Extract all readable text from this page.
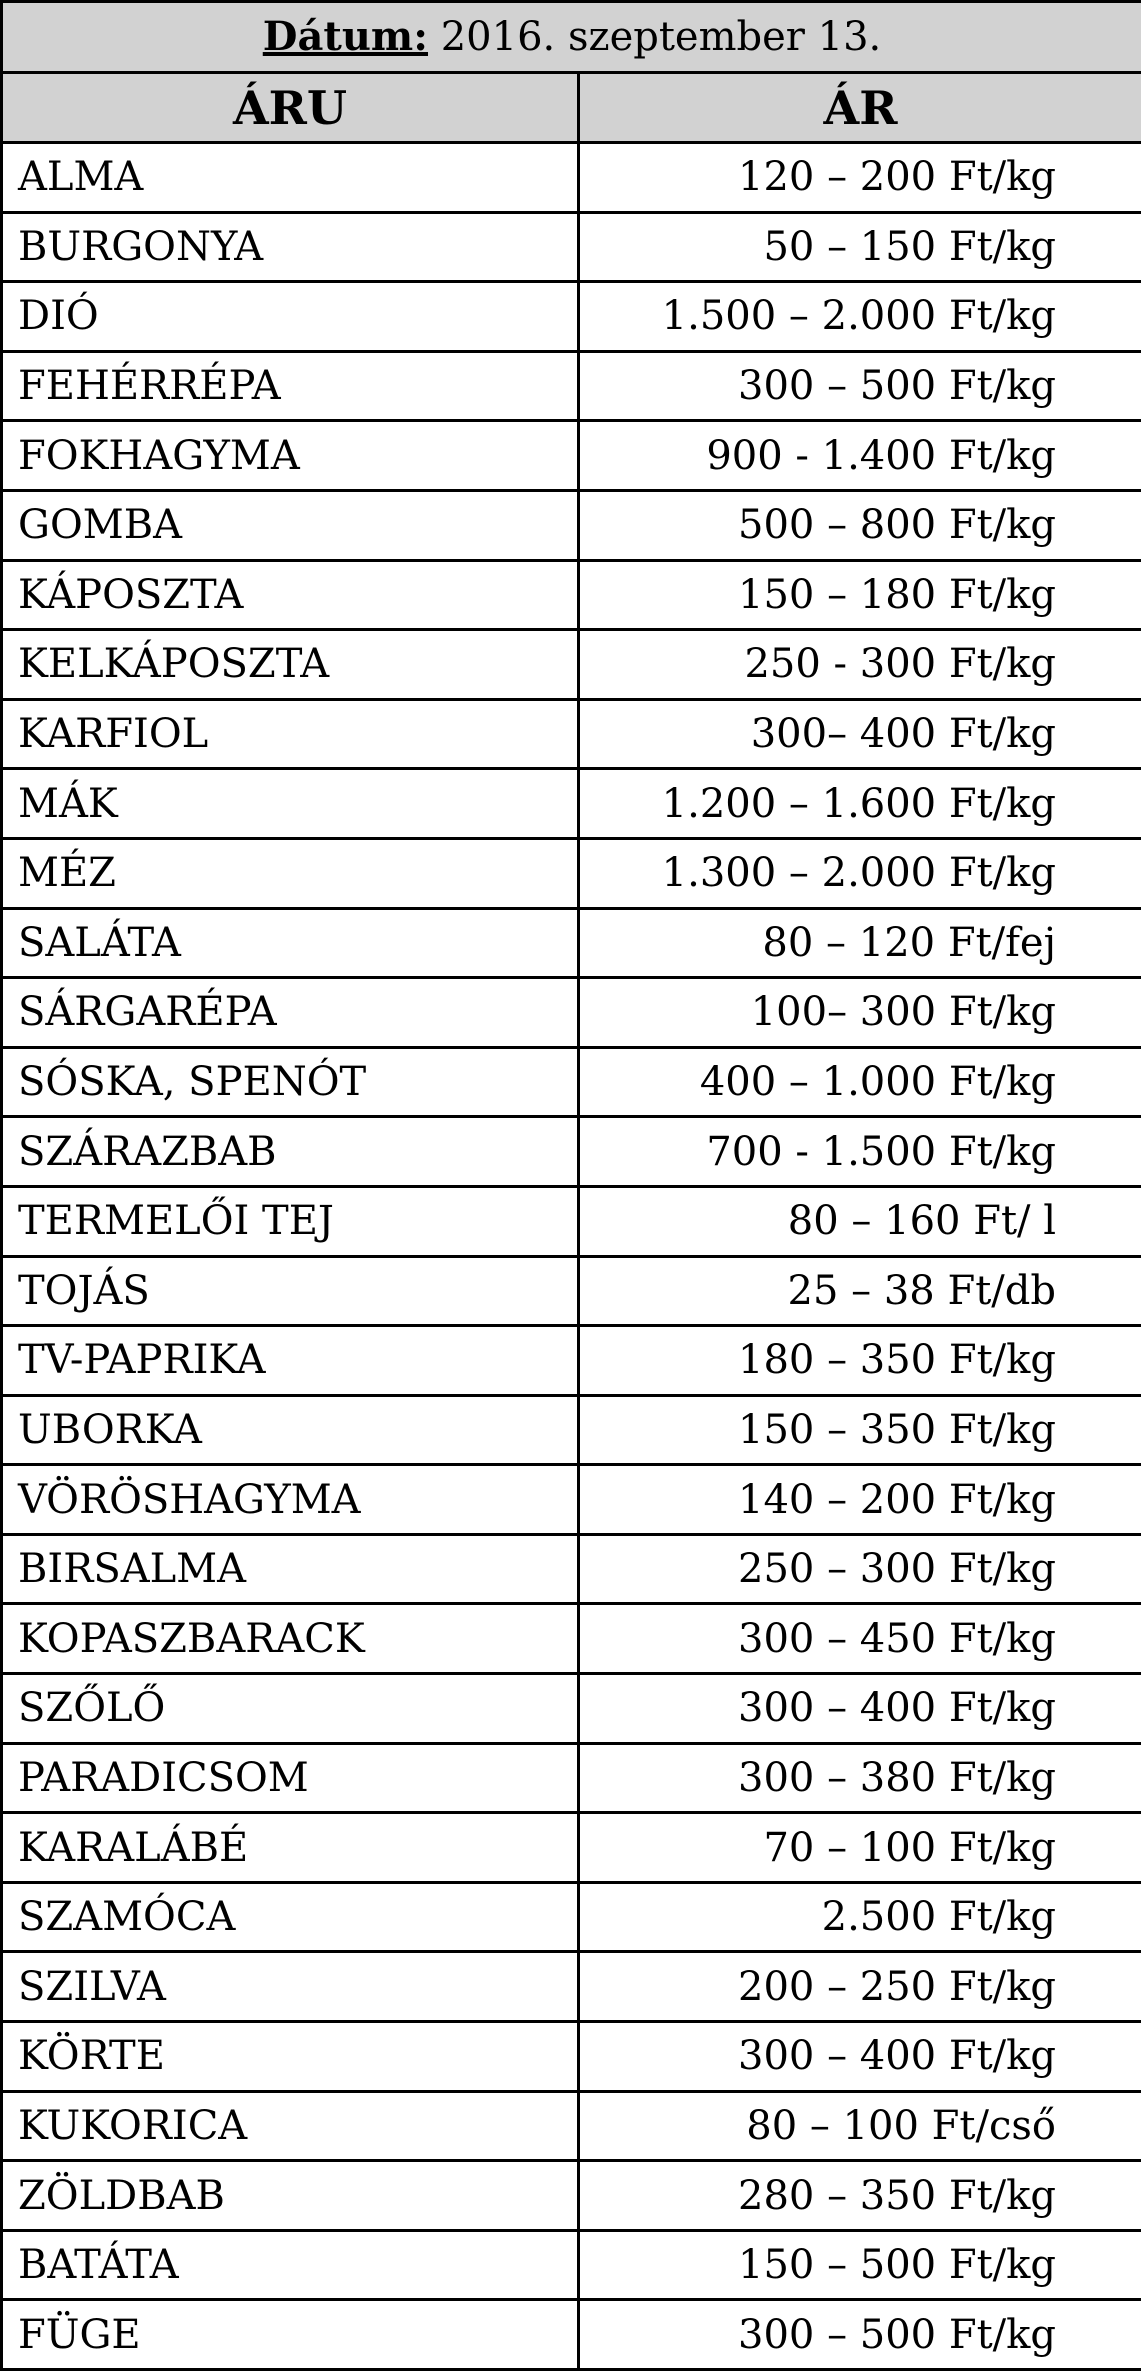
Dátum: 2016. szeptember 13.	
ÁRU	ÁR
ALMA	120 – 200 Ft/kg
BURGONYA	50 – 150 Ft/kg
DIÓ	1.500 – 2.000 Ft/kg
FEHÉRRÉPA	300 – 500 Ft/kg
FOKHAGYMA	900 - 1.400 Ft/kg
GOMBA	500 – 800 Ft/kg
KÁPOSZTA	150 – 180 Ft/kg
KELKÁPOSZTA	250 - 300 Ft/kg
KARFIOL	300– 400 Ft/kg
MÁK	1.200 – 1.600 Ft/kg
MÉZ	1.300 – 2.000 Ft/kg
SALÁTA	80 – 120 Ft/fej
SÁRGARÉPA	100– 300 Ft/kg
SÓSKA, SPENÓT	400 – 1.000 Ft/kg
SZÁRAZBAB	700 - 1.500 Ft/kg
TERMELŐI TEJ	80 – 160 Ft/ l
TOJÁS	25 – 38 Ft/db
TV-PAPRIKA	180 – 350 Ft/kg
UBORKA	150 – 350 Ft/kg
VÖRÖSHAGYMA	140 – 200 Ft/kg
BIRSALMA	250 – 300 Ft/kg
KOPASZBARACK	300 – 450 Ft/kg
SZŐLŐ	300 – 400 Ft/kg
PARADICSOM	300 – 380 Ft/kg
KARALÁBÉ	70 – 100 Ft/kg
SZAMÓCA	2.500 Ft/kg
SZILVA	200 – 250 Ft/kg
KÖRTE	300 – 400 Ft/kg
KUKORICA	80 – 100 Ft/cső
ZÖLDBAB	280 – 350 Ft/kg
BATÁTA	150 – 500 Ft/kg
FÜGE	300 – 500 Ft/kg
